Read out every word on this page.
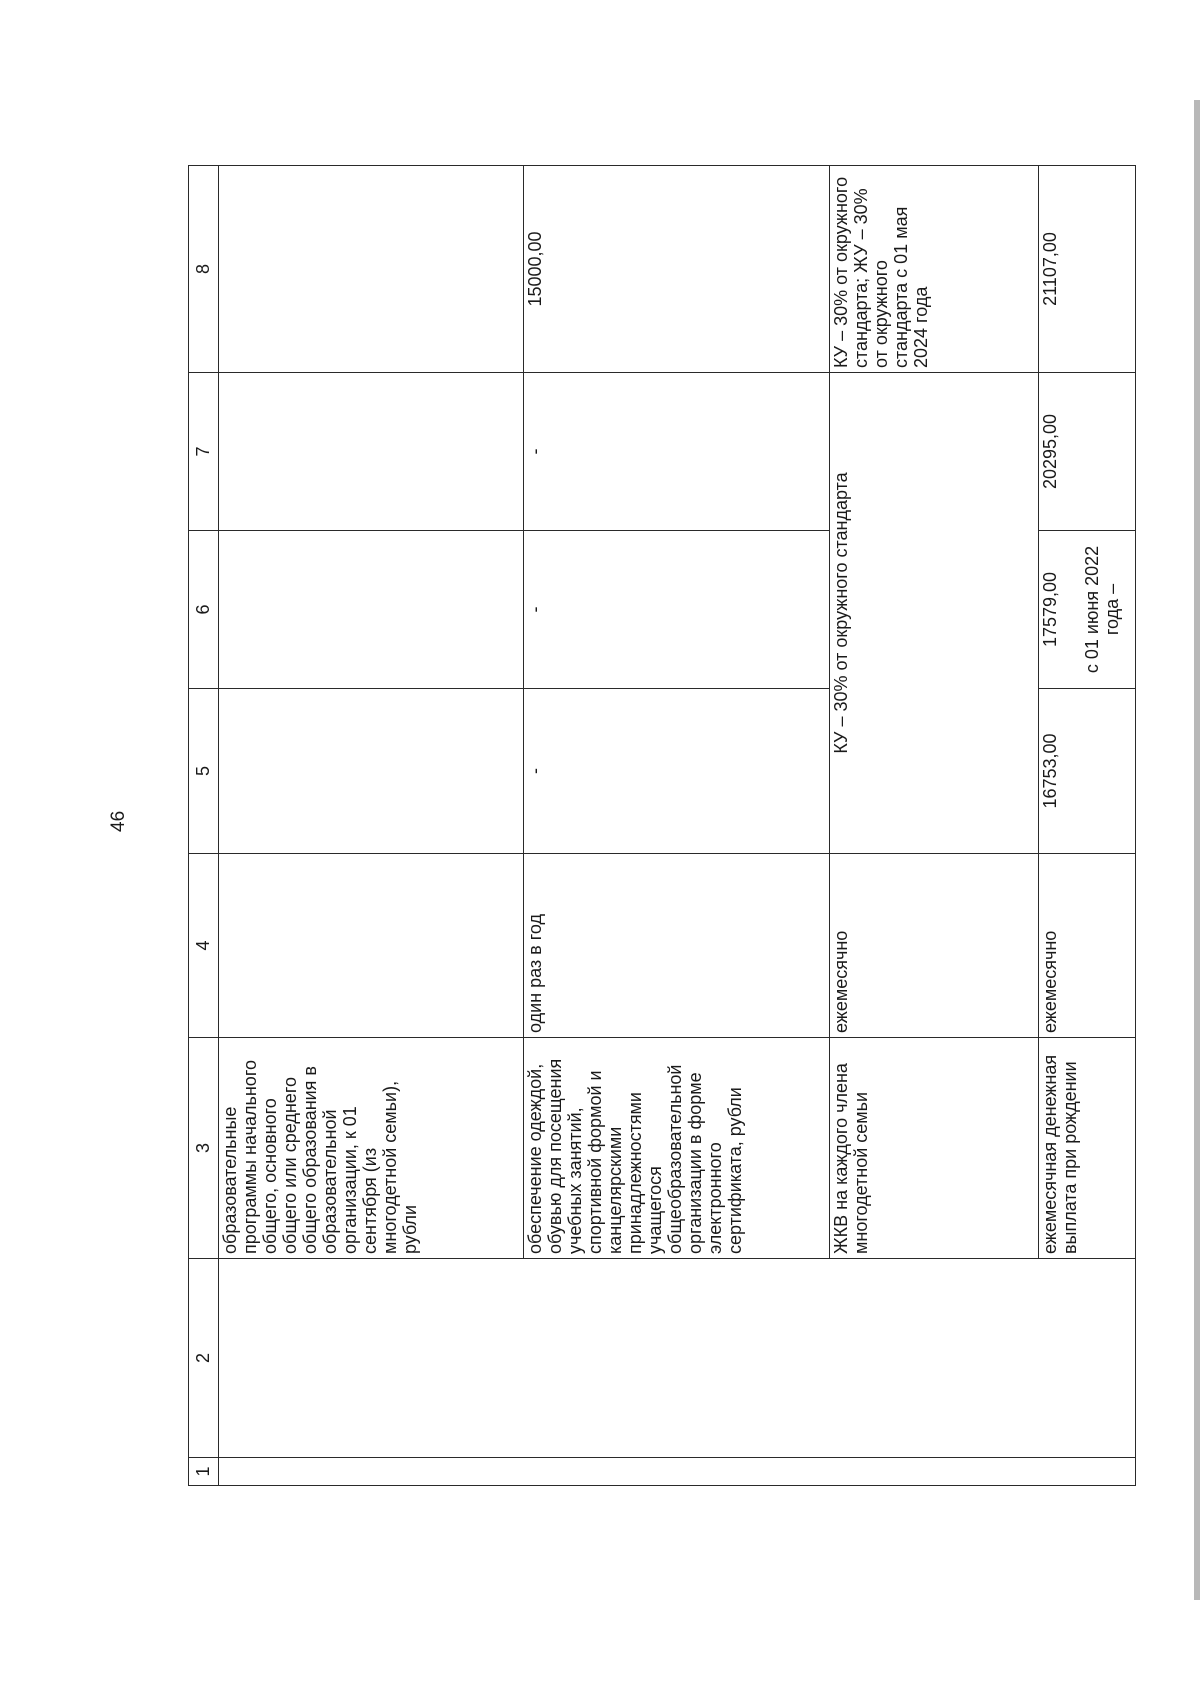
46
1	2	3	4	5	6	7	8
		образовательные программы начального общего, основного общего или среднего общего образования в образовательной организации, к 01 сентября (из многодетной семьи), рубли					
		обеспечение одеждой, обувью для посещения учебных занятий, спортивной формой и канцелярскими принадлежностями учащегося общеобразовательной организации в форме электронного сертификата, рубли	один раз в год	-	-	-	15000,00
		ЖКВ на каждого члена многодетной семьи	ежемесячно	КУ – 30% от окружного стандарта			КУ – 30% от окружного стандарта; ЖУ – 30% от окружного стандарта с 01 мая 2024 года
		ежемесячная денежная выплата при рождении	ежемесячно	16753,00	17579,00 с 01 июня 2022 года –	20295,00	21107,00
